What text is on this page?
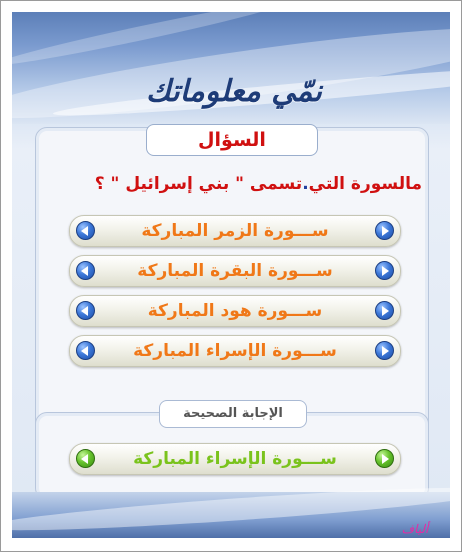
نمّي معلوماتك
السؤال
مالسورة التي.تسمى " بني إسرائيل " ؟
ســـورة الزمر المباركة
ســـورة البقرة المباركة
ســـورة هود المباركة
ســـورة الإسراء المباركة
الإجابة الصحيحة
ســـورة الإسراء المباركة
ألياف
